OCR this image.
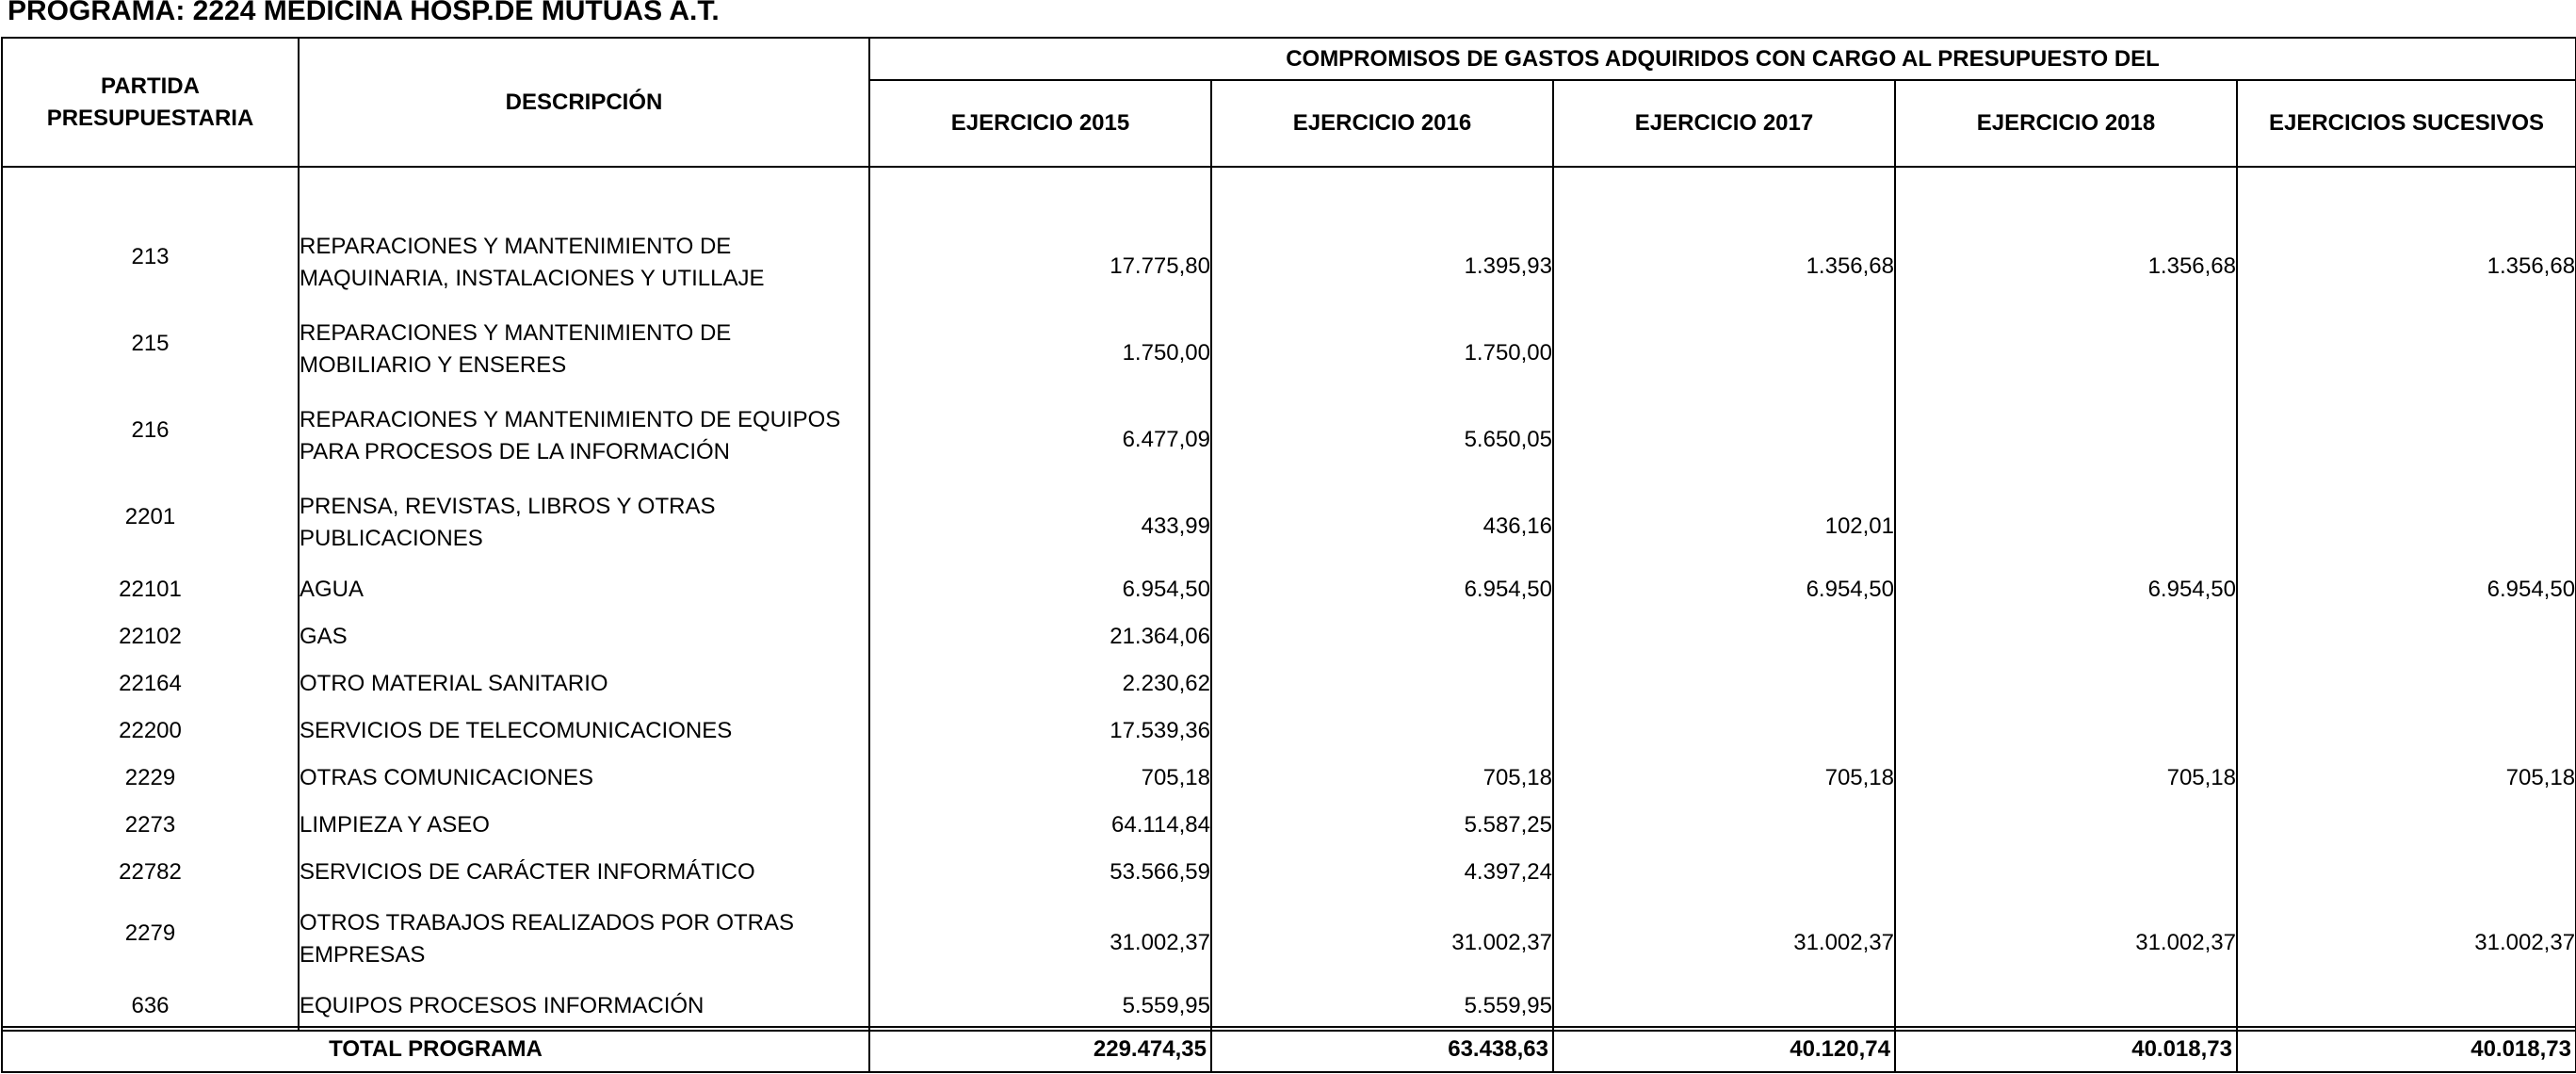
PROGRAMA: 2224 MEDICINA HOSP.DE MUTUAS A.T.
PARTIDA PRESUPUESTARIA	DESCRIPCIÓN	COMPROMISOS DE GASTOS ADQUIRIDOS CON CARGO AL PRESUPUESTO DEL				
		EJERCICIO 2015	EJERCICIO 2016	EJERCICIO 2017	EJERCICIO 2018	EJERCICIOS SUCESIVOS

213	REPARACIONES Y MANTENIMIENTO DE MAQUINARIA, INSTALACIONES Y UTILLAJE	17.775,80	1.395,93	1.356,68	1.356,68	1.356,68
215	REPARACIONES Y MANTENIMIENTO DE MOBILIARIO Y ENSERES	1.750,00	1.750,00			
216	REPARACIONES Y MANTENIMIENTO DE EQUIPOS PARA PROCESOS DE LA INFORMACIÓN	6.477,09	5.650,05			
2201	PRENSA, REVISTAS, LIBROS Y OTRAS PUBLICACIONES	433,99	436,16	102,01		
22101	AGUA	6.954,50	6.954,50	6.954,50	6.954,50	6.954,50
22102	GAS	21.364,06				
22164	OTRO MATERIAL SANITARIO	2.230,62				
22200	SERVICIOS DE TELECOMUNICACIONES	17.539,36				
2229	OTRAS COMUNICACIONES	705,18	705,18	705,18	705,18	705,18
2273	LIMPIEZA Y ASEO	64.114,84	5.587,25			
22782	SERVICIOS DE CARÁCTER INFORMÁTICO	53.566,59	4.397,24			
2279	OTROS TRABAJOS REALIZADOS POR OTRAS EMPRESAS	31.002,37	31.002,37	31.002,37	31.002,37	31.002,37
636	EQUIPOS PROCESOS INFORMACIÓN	5.559,95	5.559,95			

TOTAL PROGRAMA	229.474,35	63.438,63	40.120,74	40.018,73	40.018,73
